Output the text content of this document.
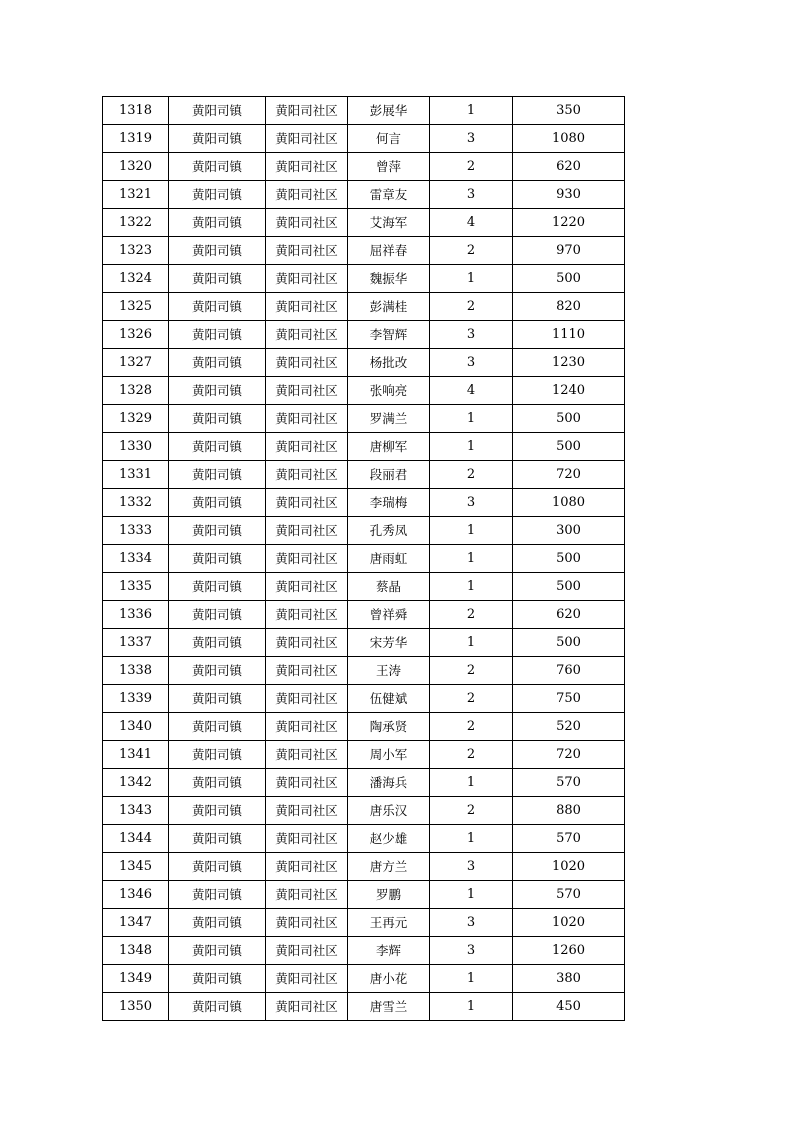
1318	黄阳司镇	黄阳司社区	彭展华	1	350
1319	黄阳司镇	黄阳司社区	何言	3	1080
1320	黄阳司镇	黄阳司社区	曾萍	2	620
1321	黄阳司镇	黄阳司社区	雷章友	3	930
1322	黄阳司镇	黄阳司社区	艾海军	4	1220
1323	黄阳司镇	黄阳司社区	屈祥春	2	970
1324	黄阳司镇	黄阳司社区	魏振华	1	500
1325	黄阳司镇	黄阳司社区	彭满桂	2	820
1326	黄阳司镇	黄阳司社区	李智辉	3	1110
1327	黄阳司镇	黄阳司社区	杨批改	3	1230
1328	黄阳司镇	黄阳司社区	张响亮	4	1240
1329	黄阳司镇	黄阳司社区	罗满兰	1	500
1330	黄阳司镇	黄阳司社区	唐柳军	1	500
1331	黄阳司镇	黄阳司社区	段丽君	2	720
1332	黄阳司镇	黄阳司社区	李瑞梅	3	1080
1333	黄阳司镇	黄阳司社区	孔秀凤	1	300
1334	黄阳司镇	黄阳司社区	唐雨虹	1	500
1335	黄阳司镇	黄阳司社区	蔡晶	1	500
1336	黄阳司镇	黄阳司社区	曾祥舜	2	620
1337	黄阳司镇	黄阳司社区	宋芳华	1	500
1338	黄阳司镇	黄阳司社区	王涛	2	760
1339	黄阳司镇	黄阳司社区	伍健斌	2	750
1340	黄阳司镇	黄阳司社区	陶承贤	2	520
1341	黄阳司镇	黄阳司社区	周小军	2	720
1342	黄阳司镇	黄阳司社区	潘海兵	1	570
1343	黄阳司镇	黄阳司社区	唐乐汉	2	880
1344	黄阳司镇	黄阳司社区	赵少雄	1	570
1345	黄阳司镇	黄阳司社区	唐方兰	3	1020
1346	黄阳司镇	黄阳司社区	罗鹏	1	570
1347	黄阳司镇	黄阳司社区	王再元	3	1020
1348	黄阳司镇	黄阳司社区	李辉	3	1260
1349	黄阳司镇	黄阳司社区	唐小花	1	380
1350	黄阳司镇	黄阳司社区	唐雪兰	1	450
